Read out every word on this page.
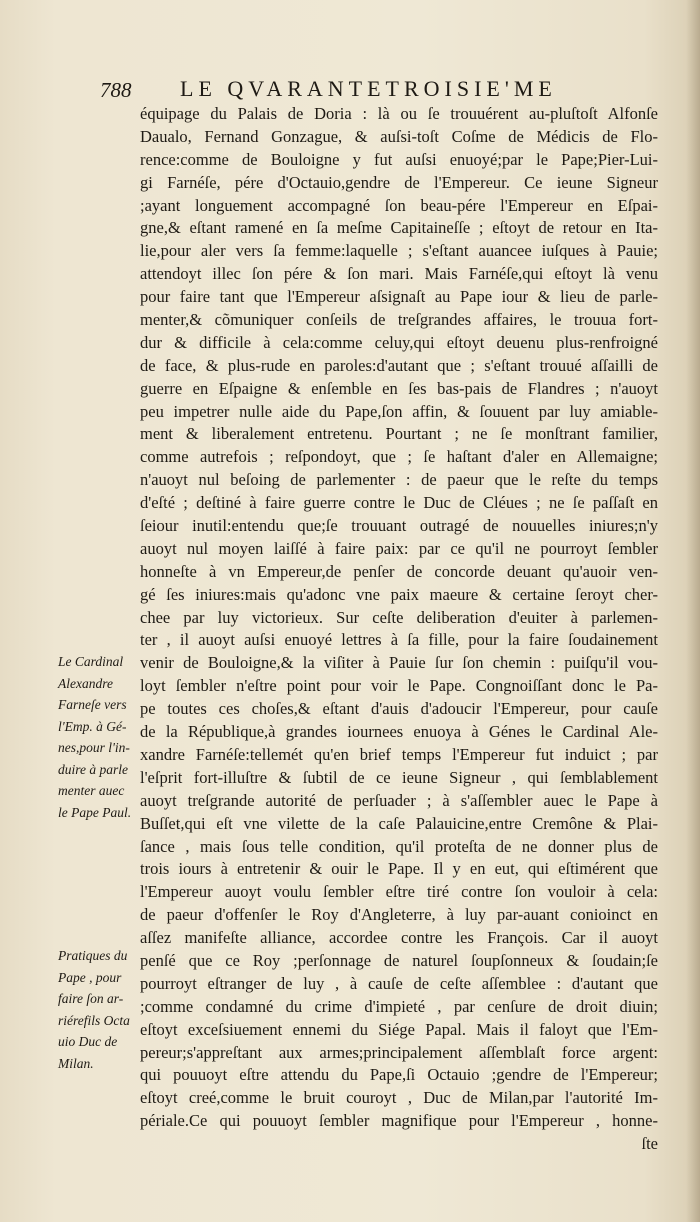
788 LE QVARANTETROISIE'ME
équipage du Palais de Doria : là ou ſe trouuérent au-pluſtoſt Alfonſe
Daualo, Fernand Gonzague, & auſsi-toſt Coſme de Médicis de Flo-
rence:comme de Bouloigne y fut auſsi enuoyé;par le Pape;Pier-Lui-
gi Farnéſe, pére d'Octauio,gendre de l'Empereur. Ce ieune Signeur
;ayant longuement accompagné ſon beau-pére l'Empereur en Eſpai-
gne,& eſtant ramené en ſa meſme Capitaineſſe ; eſtoyt de retour en Ita-
lie,pour aler vers ſa femme:laquelle ; s'eſtant auancee iuſques à Pauie;
attendoyt illec ſon pére & ſon mari. Mais Farnéſe,qui eſtoyt là venu
pour faire tant que l'Empereur aſsignaſt au Pape iour & lieu de parle-
menter,& cõmuniquer conſeils de treſgrandes affaires, le trouua fort-
dur & difficile à cela:comme celuy,qui eſtoyt deuenu plus-renfroigné
de face, & plus-rude en paroles:d'autant que ; s'eſtant trouué aſſailli de
guerre en Eſpaigne & enſemble en ſes bas-pais de Flandres ; n'auoyt
peu impetrer nulle aide du Pape,ſon affin, & ſouuent par luy amiable-
ment & liberalement entretenu. Pourtant ; ne ſe monſtrant familier,
comme autrefois ; reſpondoyt, que ; ſe haſtant d'aler en Allemaigne;
n'auoyt nul beſoing de parlementer : de paeur que le reſte du temps
d'eſté ; deſtiné à faire guerre contre le Duc de Cléues ; ne ſe paſſaſt en
ſeiour inutil:entendu que;ſe trouuant outragé de nouuelles iniures;n'y
auoyt nul moyen laiſſé à faire paix: par ce qu'il ne pourroyt ſembler
honneſte à vn Empereur,de penſer de concorde deuant qu'auoir ven-
gé ſes iniures:mais qu'adonc vne paix maeure & certaine ſeroyt cher-
chee par luy victorieux. Sur ceſte deliberation d'euiter à parlemen-
ter , il auoyt auſsi enuoyé lettres à ſa fille, pour la faire ſoudainement
venir de Bouloigne,& la viſiter à Pauie ſur ſon chemin : puiſqu'il vou-
loyt ſembler n'eſtre point pour voir le Pape. Congnoiſſant donc le Pa-
pe toutes ces choſes,& eſtant d'auis d'adoucir l'Empereur, pour cauſe
de la République,à grandes iournees enuoya à Génes le Cardinal Ale-
xandre Farnéſe:tellemét qu'en brief temps l'Empereur fut induict ; par
l'eſprit fort-illuſtre & ſubtil de ce ieune Signeur , qui ſemblablement
auoyt treſgrande autorité de perſuader ; à s'aſſembler auec le Pape à
Buſſet,qui eſt vne vilette de la caſe Palauicine,entre Cremône & Plai-
ſance , mais ſous telle condition, qu'il proteſta de ne donner plus de
trois iours à entretenir & ouir le Pape. Il y en eut, qui eſtimérent que
l'Empereur auoyt voulu ſembler eſtre tiré contre ſon vouloir à cela:
de paeur d'offenſer le Roy d'Angleterre, à luy par-auant conioinct en
aſſez manifeſte alliance, accordee contre les François. Car il auoyt
penſé que ce Roy ;perſonnage de naturel ſoupſonneux & ſoudain;ſe
pourroyt eſtranger de luy , à cauſe de ceſte aſſemblee : d'autant que
;comme condamné du crime d'impieté , par cenſure de droit diuin;
eſtoyt exceſsiuement ennemi du Siége Papal. Mais il faloyt que l'Em-
pereur;s'appreſtant aux armes;principalement aſſemblaſt force argent:
qui pouuoyt eſtre attendu du Pape,ſi Octauio ;gendre de l'Empereur;
eſtoyt creé,comme le bruit couroyt , Duc de Milan,par l'autorité Im-
périale.Ce qui pouuoyt ſembler magnifique pour l'Empereur , honne-
ſte
Le Cardinal
Alexandre
Farneſe vers
l'Emp. à Gé-
nes,pour l'in-
duire à parle
menter auec
le Pape Paul.
Pratiques du
Pape , pour
faire ſon ar-
riérefils Octa
uio Duc de
Milan.
